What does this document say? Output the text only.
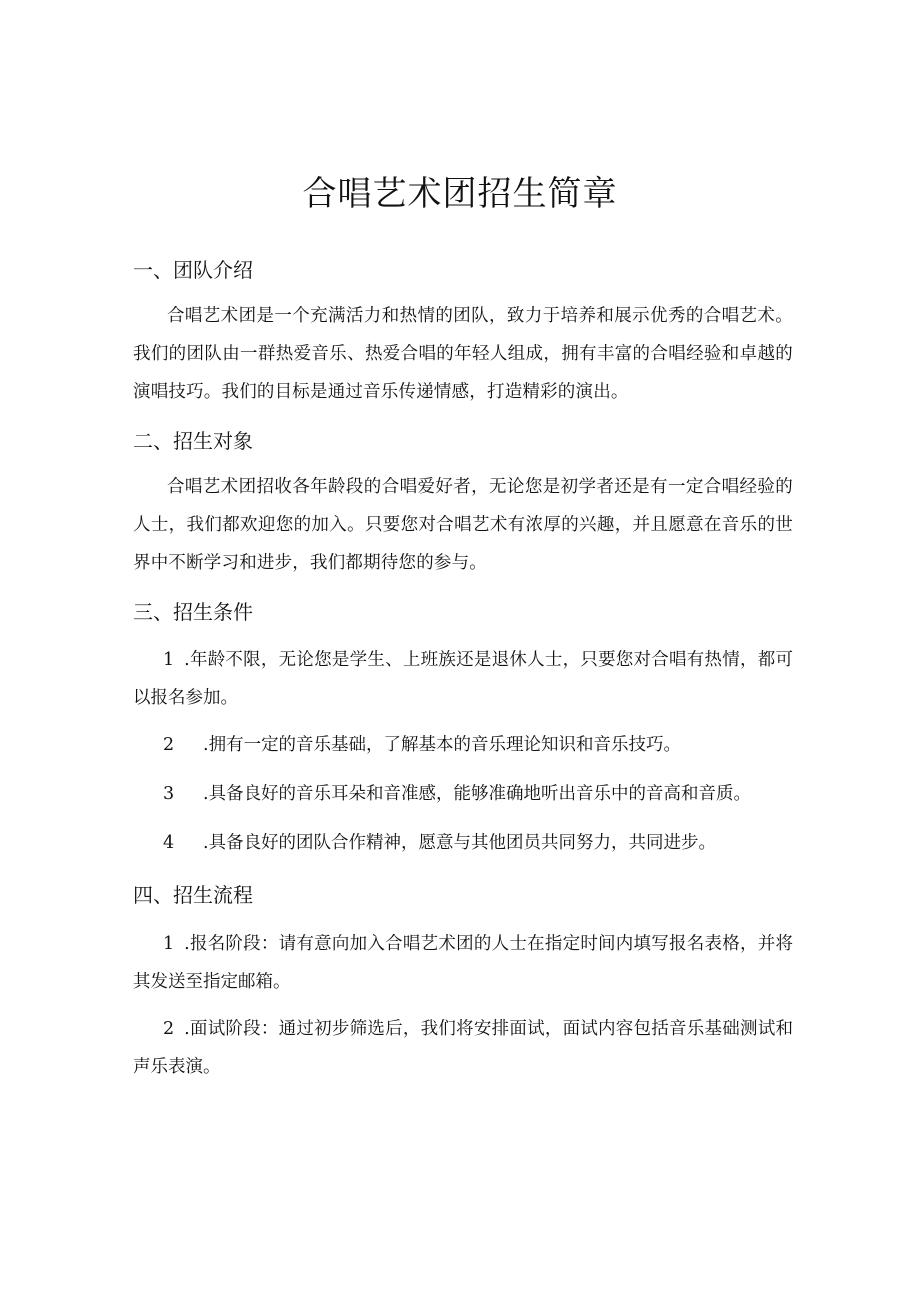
合唱艺术团招生简章
一、团队介绍
合唱艺术团是一个充满活力和热情的团队，致力于培养和展示优秀的合唱艺术。我们的团队由一群热爱音乐、热爱合唱的年轻人组成，拥有丰富的合唱经验和卓越的演唱技巧。我们的目标是通过音乐传递情感，打造精彩的演出。
二、招生对象
合唱艺术团招收各年龄段的合唱爱好者，无论您是初学者还是有一定合唱经验的人士，我们都欢迎您的加入。只要您对合唱艺术有浓厚的兴趣，并且愿意在音乐的世界中不断学习和进步，我们都期待您的参与。
三、招生条件
1 .年龄不限，无论您是学生、上班族还是退休人士，只要您对合唱有热情，都可以报名参加。
2 .拥有一定的音乐基础，了解基本的音乐理论知识和音乐技巧。
3 .具备良好的音乐耳朵和音准感，能够准确地听出音乐中的音高和音质。
4 .具备良好的团队合作精神，愿意与其他团员共同努力，共同进步。
四、招生流程
1 .报名阶段：请有意向加入合唱艺术团的人士在指定时间内填写报名表格，并将其发送至指定邮箱。
2 .面试阶段：通过初步筛选后，我们将安排面试，面试内容包括音乐基础测试和声乐表演。
